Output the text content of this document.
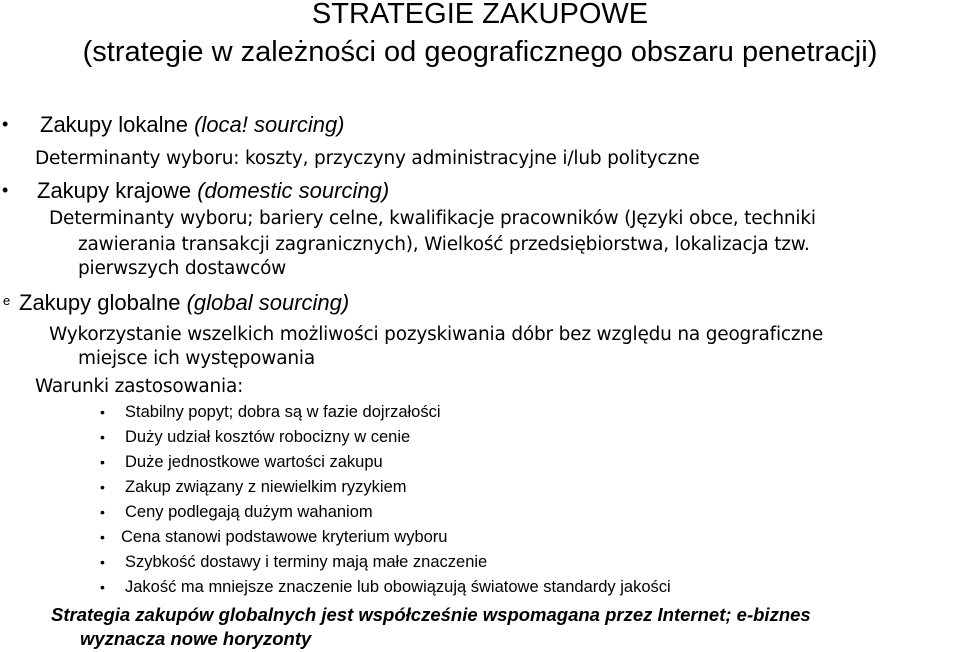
STRATEGIE ZAKUPOWE
(strategie w zależności od geograficznego obszaru penetracji)
• Zakupy lokalne (loca! sourcing)
Determinanty wyboru: koszty, przyczyny administracyjne i/lub polityczne
• Zakupy krajowe (domestic sourcing)
Determinanty wyboru; bariery celne, kwalifikacje pracowników (Języki obce, techniki
zawierania transakcji zagranicznych), Wielkość przedsiębiorstwa, lokalizacja tzw.
pierwszych dostawców
e Zakupy globalne (global sourcing)
Wykorzystanie wszelkich możliwości pozyskiwania dóbr bez względu na geograficzne
miejsce ich występowania
Warunki zastosowania:
• Stabilny popyt; dobra są w fazie dojrzałości
• Duży udział kosztów robocizny w cenie
• Duże jednostkowe wartości zakupu
• Zakup związany z niewielkim ryzykiem
• Ceny podlegają dużym wahaniom
• Cena stanowi podstawowe kryterium wyboru
• Szybkość dostawy i terminy mają małe znaczenie
• Jakość ma mniejsze znaczenie lub obowiązują światowe standardy jakości
Strategia zakupów globalnych jest współcześnie wspomagana przez Internet; e-biznes
wyznacza nowe horyzonty
